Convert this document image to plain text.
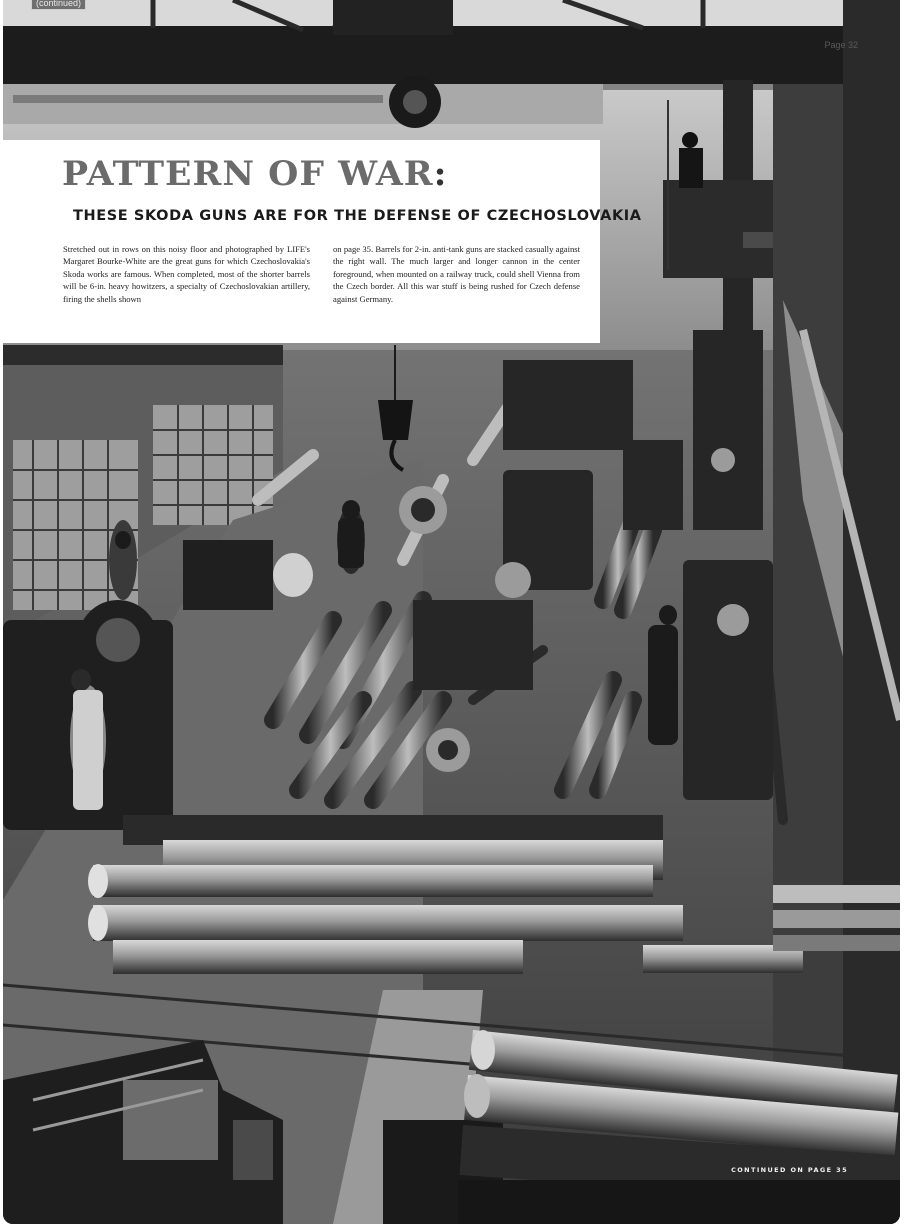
(continued)
Page 32
PATTERN OF WAR:
THESE SKODA GUNS ARE FOR THE DEFENSE OF CZECHOSLOVAKIA

Stretched out in rows on this noisy floor and photographed by LIFE's Margaret Bourke-White are the great guns for which Czechoslovakia's Skoda works are famous. When completed, most of the shorter barrels will be 6-in. heavy howitzers, a specialty of Czechoslovakian artillery, firing the shells shown

on page 35. Barrels for 2-in. anti-tank guns are stacked casually against the right wall. The much larger and longer cannon in the center foreground, when mounted on a railway truck, could shell Vienna from the Czech border. All this war stuff is being rushed for Czech defense against Germany.

CONTINUED ON PAGE 35
